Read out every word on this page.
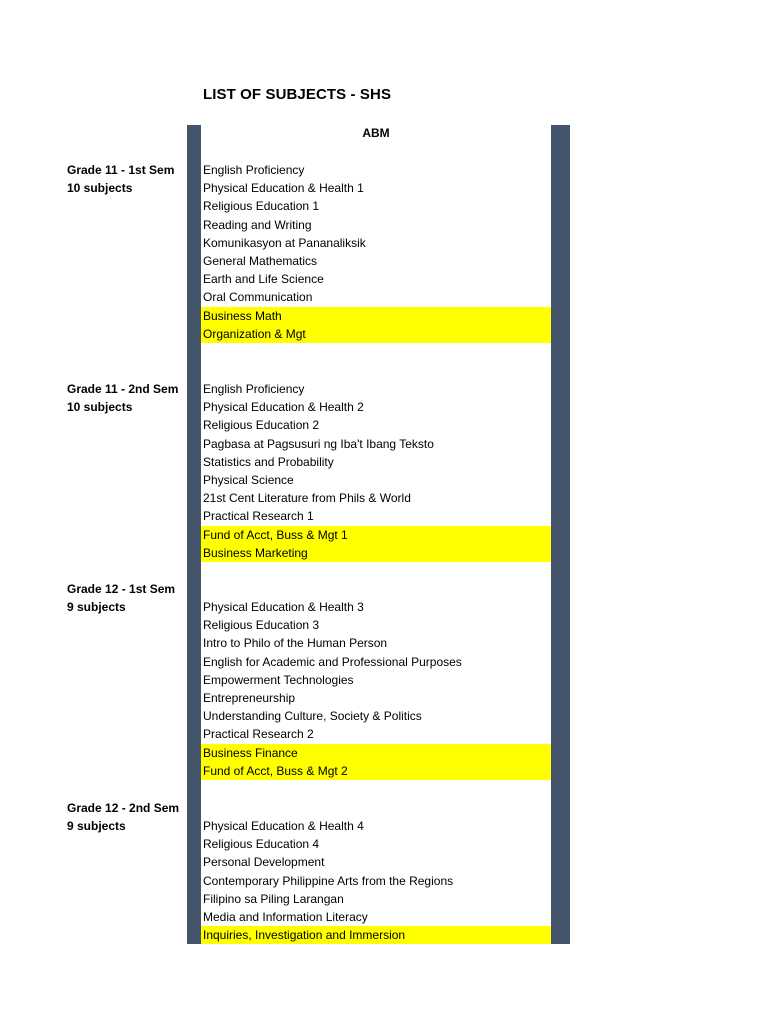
LIST OF SUBJECTS - SHS
ABM
Grade 11 - 1st Sem
10 subjects
English Proficiency
Physical Education & Health 1
Religious Education 1
Reading and Writing
Komunikasyon at Pananaliksik
General Mathematics
Earth and Life Science
Oral Communication
Business Math
Organization & Mgt
Grade 11 - 2nd Sem
10 subjects
English Proficiency
Physical Education & Health 2
Religious Education 2
Pagbasa at Pagsusuri ng Iba't Ibang Teksto
Statistics and Probability
Physical Science
21st Cent Literature from Phils & World
Practical Research 1
Fund of Acct, Buss & Mgt 1
Business Marketing
Grade 12 - 1st Sem
9 subjects	Physical Education & Health 3
Religious Education 3
Intro to Philo of the Human Person
English for Academic and Professional Purposes
Empowerment Technologies
Entrepreneurship
Understanding Culture, Society & Politics
Practical Research 2
Business Finance
Fund of Acct, Buss & Mgt 2
Grade 12 - 2nd Sem
9 subjects	Physical Education & Health 4
Religious Education 4
Personal Development
Contemporary Philippine Arts from the Regions
Filipino sa Piling Larangan
Media and Information Literacy
Inquiries, Investigation and Immersion
